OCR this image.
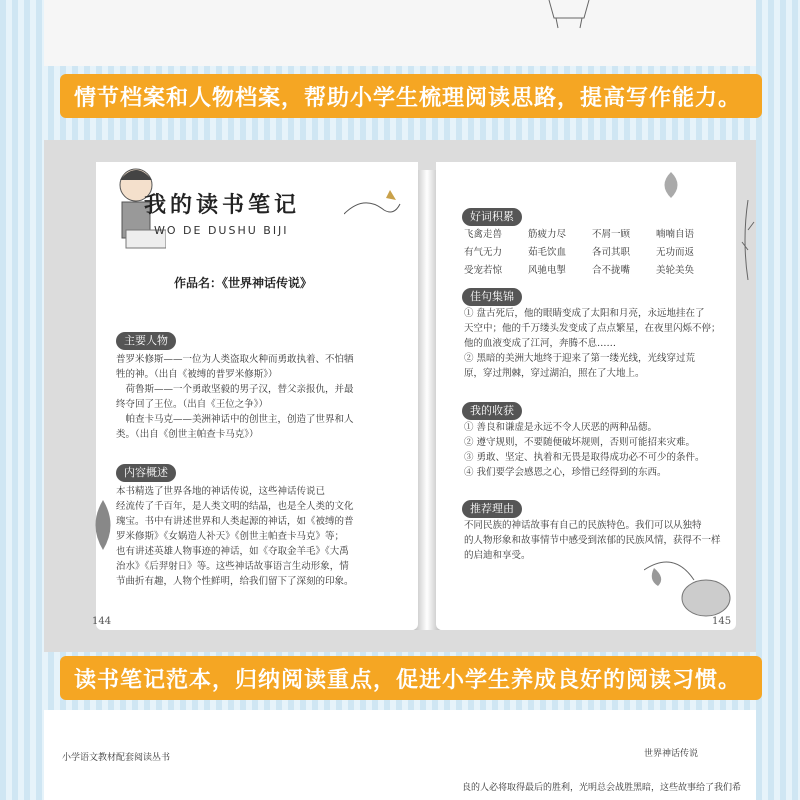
情节档案和人物档案，帮助小学生梳理阅读思路，提高写作能力。
我的读书笔记
WO DE DUSHU BIJI
作品名：《世界神话传说》
主要人物
普罗米修斯——一位为人类盗取火种而勇敢执着、不怕牺
牲的神。（出自《被缚的普罗米修斯》）
　荷鲁斯——一个勇敢坚毅的男子汉，替父亲报仇，并最
终夺回了王位。（出自《王位之争》）
　帕查卡马克——美洲神话中的创世主，创造了世界和人
类。（出自《创世主帕查卡马克》）
内容概述
本书精选了世界各地的神话传说，这些神话传说已
经流传了千百年，是人类文明的结晶，也是全人类的文化
瑰宝。书中有讲述世界和人类起源的神话，如《被缚的普
罗米修斯》《女娲造人补天》《创世主帕查卡马克》等；
也有讲述英雄人物事迹的神话，如《夺取金羊毛》《大禹
治水》《后羿射日》等。这些神话故事语言生动形象，情
节曲折有趣，人物个性鲜明，给我们留下了深刻的印象。
144
好词积累
飞禽走兽	筋疲力尽	不屑一顾	喃喃自语
有气无力	茹毛饮血	各司其职	无功而返
受宠若惊	风驰电掣	合不拢嘴	美轮美奂
佳句集锦
① 盘古死后，他的眼睛变成了太阳和月亮，永远地挂在了
天空中；他的千万缕头发变成了点点繁星，在夜里闪烁不停；
他的血液变成了江河，奔腾不息……
② 黑暗的美洲大地终于迎来了第一缕光线，光线穿过荒
原，穿过荆棘，穿过湖泊，照在了大地上。
我的收获
① 善良和谦虚是永远不令人厌恶的两种品德。
② 遵守规则，不要随便破坏规则，否则可能招来灾难。
③ 勇敢、坚定、执着和无畏是取得成功必不可少的条件。
④ 我们要学会感恩之心，珍惜已经得到的东西。
推荐理由
不同民族的神话故事有自己的民族特色。我们可以从独特
的人物形象和故事情节中感受到浓郁的民族风情，获得不一样
的启迪和享受。
145
读书笔记范本，归纳阅读重点，促进小学生养成良好的阅读习惯。
小学语文教材配套阅读丛书	世界神话传说
良的人必将取得最后的胜利，光明总会战胜黑暗，这些故事给了我们希
